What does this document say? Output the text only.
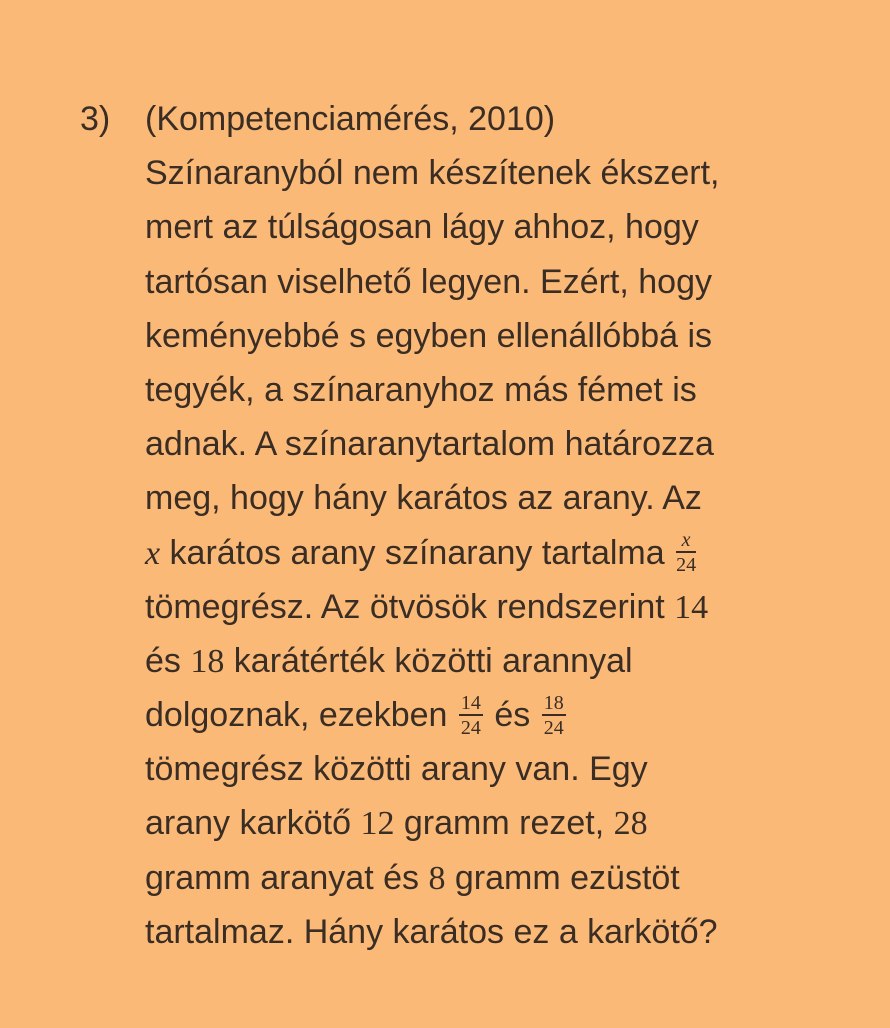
3) (Kompetenciamérés, 2010)
Színaranyból nem készítenek ékszert,
mert az túlságosan lágy ahhoz, hogy
tartósan viselhető legyen. Ezért, hogy
keményebbé s egyben ellenállóbbá is
tegyék, a színaranyhoz más fémet is
adnak. A színaranytartalom határozza
meg, hogy hány karátos az arany. Az
x karátos arany színarany tartalma $\frac{x}{24}$
tömegrész. Az ötvösök rendszerint 14
és 18 karátérték közötti arannyal
dolgoznak, ezekben $\frac{14}{24}$ és $\frac{18}{24}$
tömegrész közötti arany van. Egy
arany karkötő 12 gramm rezet, 28
gramm aranyat és 8 gramm ezüstöt
tartalmaz. Hány karátos ez a karkötő?
